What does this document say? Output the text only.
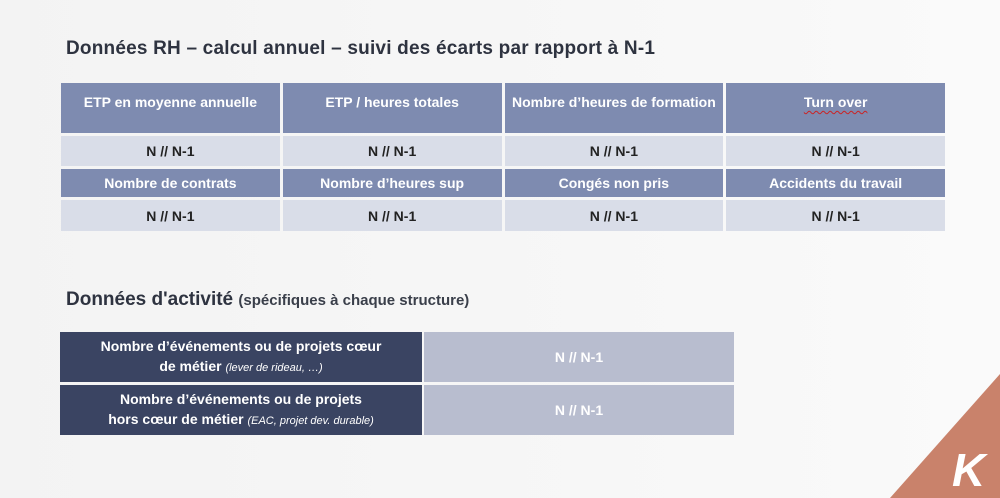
Données RH – calcul annuel – suivi des écarts par rapport à N-1
ETP en moyenne annuelle	ETP / heures totales	Nombre d’heures de formation	Turn over
N // N-1	N // N-1	N // N-1	N // N-1
Nombre de contrats	Nombre d’heures sup	Congés non pris	Accidents du travail
N // N-1	N // N-1	N // N-1	N // N-1
Données d'activité (spécifiques à chaque structure)
Nombre d’événements ou de projets cœur
de métier (lever de rideau, …)	N // N-1
Nombre d’événements ou de projets
hors cœur de métier (EAC, projet dev. durable)	N // N-1
K
